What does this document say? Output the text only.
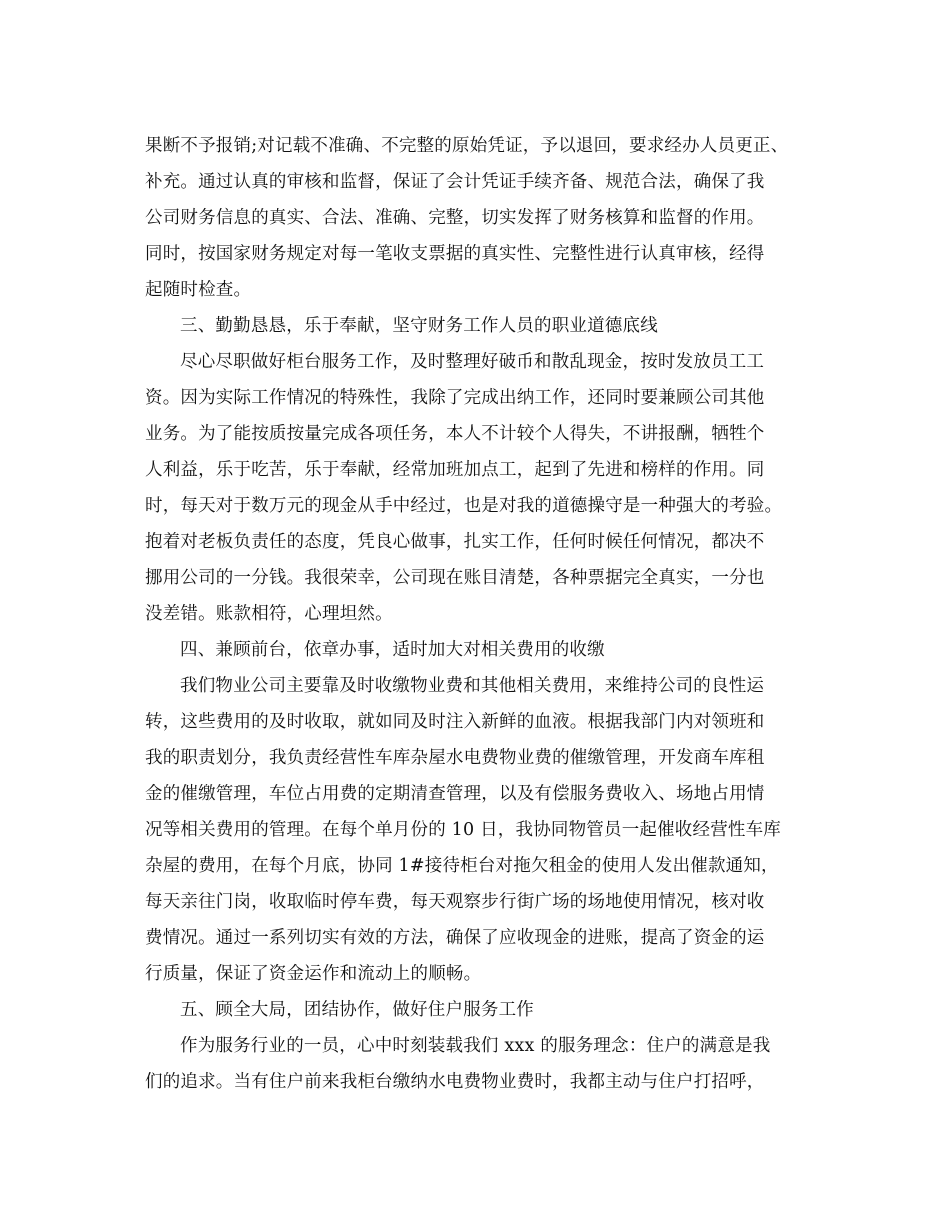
果断不予报销;对记载不准确、不完整的原始凭证，予以退回，要求经办人员更正、
补充。通过认真的审核和监督，保证了会计凭证手续齐备、规范合法，确保了我
公司财务信息的真实、合法、准确、完整，切实发挥了财务核算和监督的作用。
同时，按国家财务规定对每一笔收支票据的真实性、完整性进行认真审核，经得
起随时检查。
三、勤勤恳恳，乐于奉献，坚守财务工作人员的职业道德底线
尽心尽职做好柜台服务工作，及时整理好破币和散乱现金，按时发放员工工
资。因为实际工作情况的特殊性，我除了完成出纳工作，还同时要兼顾公司其他
业务。为了能按质按量完成各项任务，本人不计较个人得失，不讲报酬，牺牲个
人利益，乐于吃苦，乐于奉献，经常加班加点工，起到了先进和榜样的作用。同
时，每天对于数万元的现金从手中经过，也是对我的道德操守是一种强大的考验。
抱着对老板负责任的态度，凭良心做事，扎实工作，任何时候任何情况，都决不
挪用公司的一分钱。我很荣幸，公司现在账目清楚，各种票据完全真实，一分也
没差错。账款相符，心理坦然。
四、兼顾前台，依章办事，适时加大对相关费用的收缴
我们物业公司主要靠及时收缴物业费和其他相关费用，来维持公司的良性运
转，这些费用的及时收取，就如同及时注入新鲜的血液。根据我部门内对领班和
我的职责划分，我负责经营性车库杂屋水电费物业费的催缴管理，开发商车库租
金的催缴管理，车位占用费的定期清查管理，以及有偿服务费收入、场地占用情
况等相关费用的管理。在每个单月份的 10 日，我协同物管员一起催收经营性车库
杂屋的费用，在每个月底，协同 1#接待柜台对拖欠租金的使用人发出催款通知，
每天亲往门岗，收取临时停车费，每天观察步行街广场的场地使用情况，核对收
费情况。通过一系列切实有效的方法，确保了应收现金的进账，提高了资金的运
行质量，保证了资金运作和流动上的顺畅。
五、顾全大局，团结协作，做好住户服务工作
作为服务行业的一员，心中时刻装载我们 xxx 的服务理念：住户的满意是我
们的追求。当有住户前来我柜台缴纳水电费物业费时，我都主动与住户打招呼，
